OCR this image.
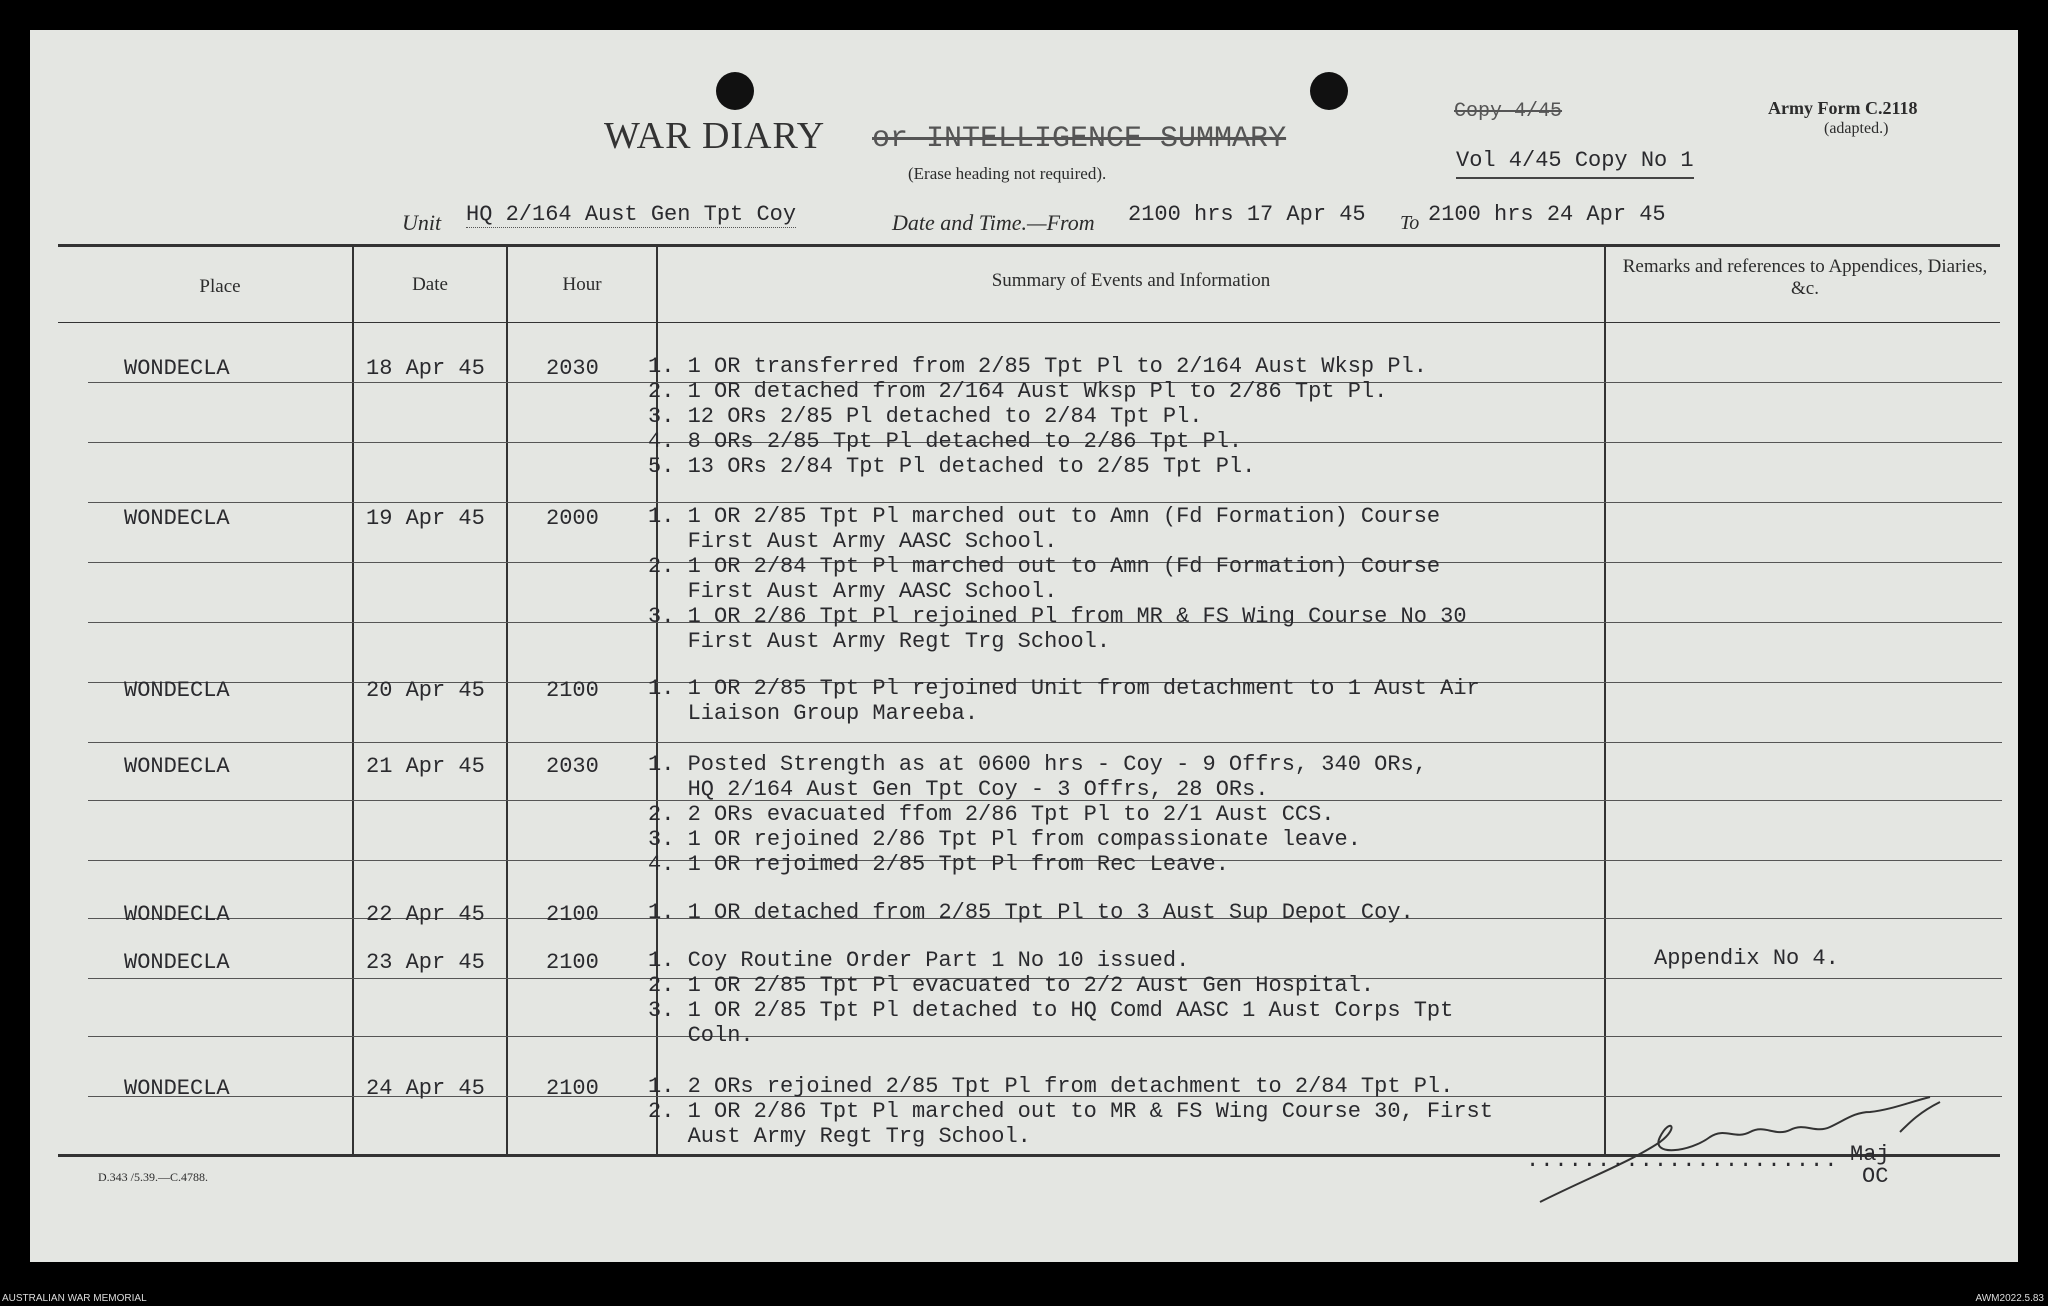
WAR DIARY or INTELLIGENCE SUMMARY
(Erase heading not required).
Copy 4/45
Vol 4/45 Copy No 1
Army Form C.2118
(adapted.)
Unit HQ 2/164 Aust Gen Tpt Coy	Date and Time.—From 2100 hrs 17 Apr 45 To 2100 hrs 24 Apr 45
Place	Date	Hour	Summary of Events and Information
Remarks and references to Appendices, Diaries, &c.
WONDECLA	18 Apr 45	2030 1. 1 OR transferred from 2/85 Tpt Pl to 2/164 Aust Wksp Pl.
2. 1 OR detached from 2/164 Aust Wksp Pl to 2/86 Tpt Pl.
3. 12 ORs 2/85 Pl detached to 2/84 Tpt Pl.
4. 8 ORs 2/85 Tpt Pl detached to 2/86 Tpt Pl.
5. 13 ORs 2/84 Tpt Pl detached to 2/85 Tpt Pl.
WONDECLA	19 Apr 45	2000 1. 1 OR 2/85 Tpt Pl marched out to Amn (Fd Formation) Course
First Aust Army AASC School.
2. 1 OR 2/84 Tpt Pl marched out to Amn (Fd Formation) Course
First Aust Army AASC School.
3. 1 OR 2/86 Tpt Pl rejoined Pl from MR & FS Wing Course No 30
First Aust Army Regt Trg School.
WONDECLA	20 Apr 45	2100 1. 1 OR 2/85 Tpt Pl rejoined Unit from detachment to 1 Aust Air
Liaison Group Mareeba.
WONDECLA	21 Apr 45	2030 1. Posted Strength as at 0600 hrs - Coy - 9 Offrs, 340 ORs,
HQ 2/164 Aust Gen Tpt Coy - 3 Offrs, 28 ORs.
2. 2 ORs evacuated ffom 2/86 Tpt Pl to 2/1 Aust CCS.
3. 1 OR rejoined 2/86 Tpt Pl from compassionate leave.
4. 1 OR rejoimed 2/85 Tpt Pl from Rec Leave.
WONDECLA	22 Apr 45	2100 1. 1 OR detached from 2/85 Tpt Pl to 3 Aust Sup Depot Coy.
WONDECLA	23 Apr 45	2100 1. Coy Routine Order Part 1 No 10 issued.
2. 1 OR 2/85 Tpt Pl evacuated to 2/2 Aust Gen Hospital.
3. 1 OR 2/85 Tpt Pl detached to HQ Comd AASC 1 Aust Corps Tpt
Coln.
Appendix No 4.
WONDECLA	24 Apr 45	2100 1. 2 ORs rejoined 2/85 Tpt Pl from detachment to 2/84 Tpt Pl.
2. 1 OR 2/86 Tpt Pl marched out to MR & FS Wing Course 30, First
Aust Army Regt Trg School.
...................... Maj
OC
D.343 /5.39.—C.4788.
AUSTRALIAN WAR MEMORIAL	AWM2022.5.83
